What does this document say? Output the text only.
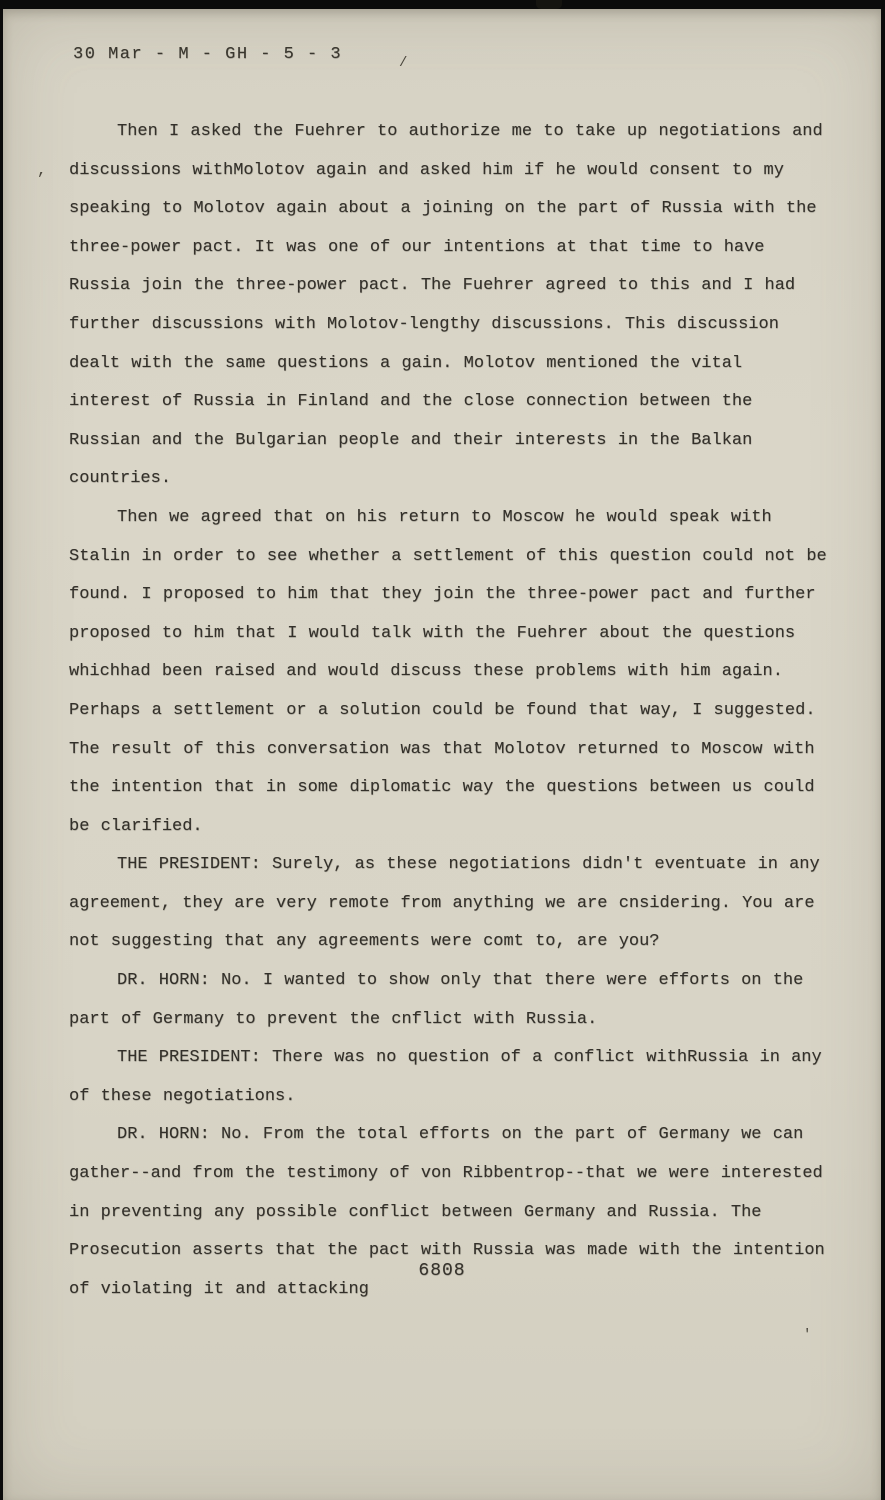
30 Mar - M - GH - 5 - 3
,
/
'

Then I asked the Fuehrer to authorize me to take up negotiations and discussions withMolotov again and asked him if he would consent to my speaking to Molotov again about a joining on the part of Russia with the three-power pact. It was one of our intentions at that time to have Russia join the three-power pact. The Fuehrer agreed to this and I had further discussions with Molotov-lengthy discussions. This discussion dealt with the same questions a gain. Molotov mentioned the vital interest of Russia in Finland and the close connection between the Russian and the Bulgarian people and their interests in the Balkan countries.

Then we agreed that on his return to Moscow he would speak with Stalin in order to see whether a settlement of this question could not be found. I proposed to him that they join the three-power pact and further proposed to him that I would talk with the Fuehrer about the questions whichhad been raised and would discuss these problems with him again. Perhaps a settlement or a solution could be found that way, I suggested. The result of this conversation was that Molotov returned to Moscow with the intention that in some diplomatic way the questions between us could be clarified.

THE PRESIDENT: Surely, as these negotiations didn't eventuate in any agreement, they are very remote from anything we are cnsidering. You are not suggesting that any agreements were comt to, are you?

DR. HORN: No. I wanted to show only that there were efforts on the part of Germany to prevent the cnflict with Russia.

THE PRESIDENT: There was no question of a conflict withRussia in any of these negotiations.

DR. HORN: No. From the total efforts on the part of Germany we can gather--and from the testimony of von Ribbentrop--that we were interested in preventing any possible conflict between Germany and Russia. The Prosecution asserts that the pact with Russia was made with the intention of violating it and attacking

6808
